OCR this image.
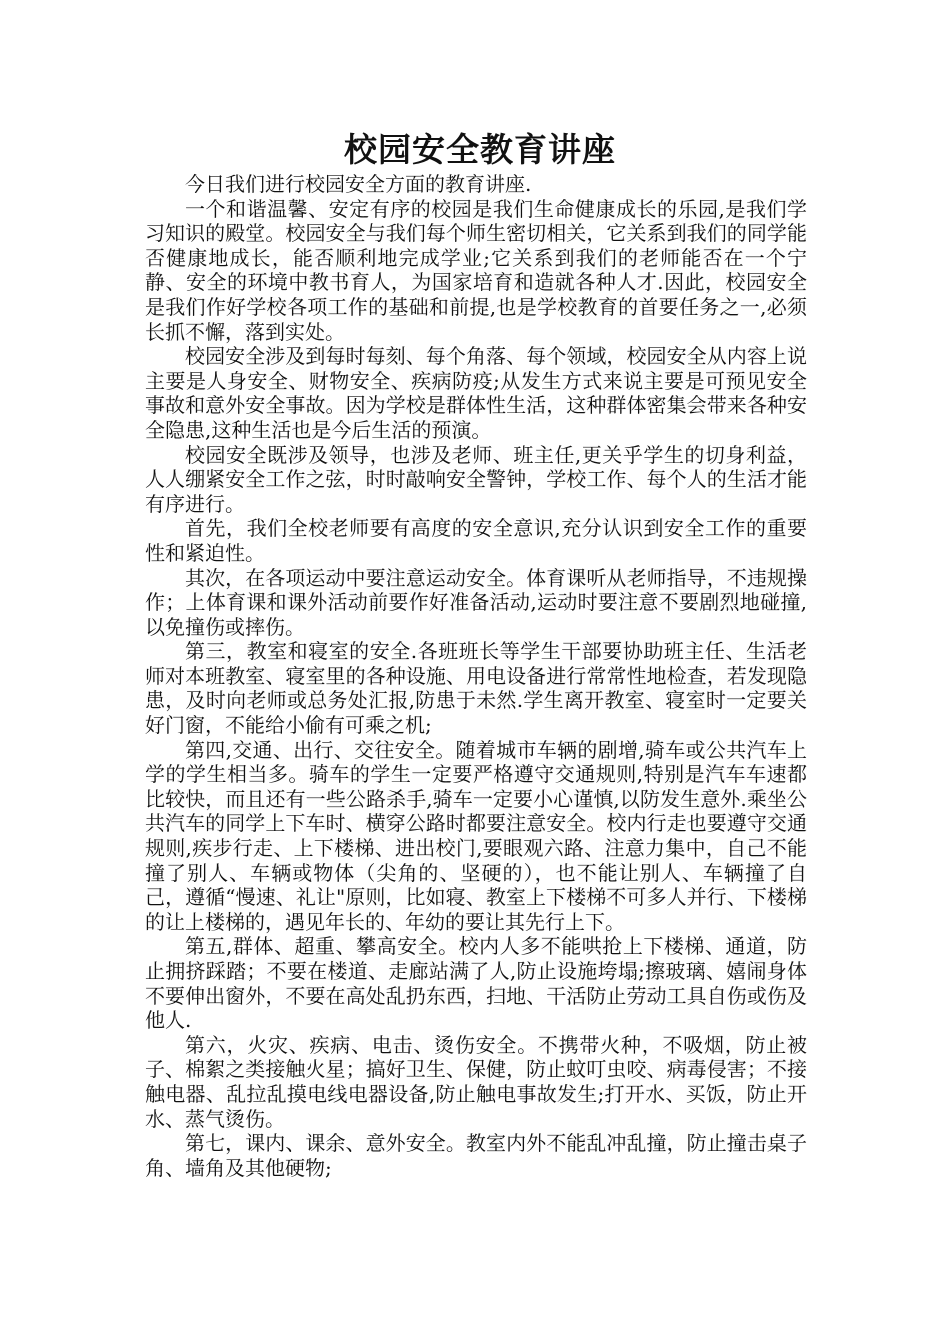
校园安全教育讲座

今日我们进行校园安全方面的教育讲座.

一个和谐温馨、安定有序的校园是我们生命健康成长的乐园,是我们学习知识的殿堂。校园安全与我们每个师生密切相关，它关系到我们的同学能否健康地成长，能否顺利地完成学业;它关系到我们的老师能否在一个宁静、安全的环境中教书育人，为国家培育和造就各种人才.因此，校园安全是我们作好学校各项工作的基础和前提,也是学校教育的首要任务之一,必须长抓不懈，落到实处。

校园安全涉及到每时每刻、每个角落、每个领域，校园安全从内容上说主要是人身安全、财物安全、疾病防疫;从发生方式来说主要是可预见安全事故和意外安全事故。因为学校是群体性生活，这种群体密集会带来各种安全隐患,这种生活也是今后生活的预演。

校园安全既涉及领导，也涉及老师、班主任,更关乎学生的切身利益，人人绷紧安全工作之弦，时时敲响安全警钟，学校工作、每个人的生活才能有序进行。

首先，我们全校老师要有高度的安全意识,充分认识到安全工作的重要性和紧迫性。

其次，在各项运动中要注意运动安全。体育课听从老师指导，不违规操作；上体育课和课外活动前要作好准备活动,运动时要注意不要剧烈地碰撞,以免撞伤或摔伤。

第三，教室和寝室的安全.各班班长等学生干部要协助班主任、生活老师对本班教室、寝室里的各种设施、用电设备进行常常性地检查，若发现隐患，及时向老师或总务处汇报,防患于未然.学生离开教室、寝室时一定要关好门窗，不能给小偷有可乘之机;

第四,交通、出行、交往安全。随着城市车辆的剧增,骑车或公共汽车上学的学生相当多。骑车的学生一定要严格遵守交通规则,特别是汽车车速都比较快，而且还有一些公路杀手,骑车一定要小心谨慎,以防发生意外.乘坐公共汽车的同学上下车时、横穿公路时都要注意安全。校内行走也要遵守交通规则,疾步行走、上下楼梯、进出校门,要眼观六路、注意力集中，自己不能撞了别人、车辆或物体（尖角的、坚硬的），也不能让别人、车辆撞了自己，遵循“慢速、礼让"原则，比如寝、教室上下楼梯不可多人并行、下楼梯的让上楼梯的，遇见年长的、年幼的要让其先行上下。

第五,群体、超重、攀高安全。校内人多不能哄抢上下楼梯、通道，防止拥挤踩踏；不要在楼道、走廊站满了人,防止设施垮塌;擦玻璃、嬉闹身体不要伸出窗外，不要在高处乱扔东西，扫地、干活防止劳动工具自伤或伤及他人.

第六，火灾、疾病、电击、烫伤安全。不携带火种，不吸烟，防止被子、棉絮之类接触火星；搞好卫生、保健，防止蚊叮虫咬、病毒侵害；不接触电器、乱拉乱摸电线电器设备,防止触电事故发生;打开水、买饭，防止开水、蒸气烫伤。

第七，课内、课余、意外安全。教室内外不能乱冲乱撞，防止撞击桌子角、墙角及其他硬物;
